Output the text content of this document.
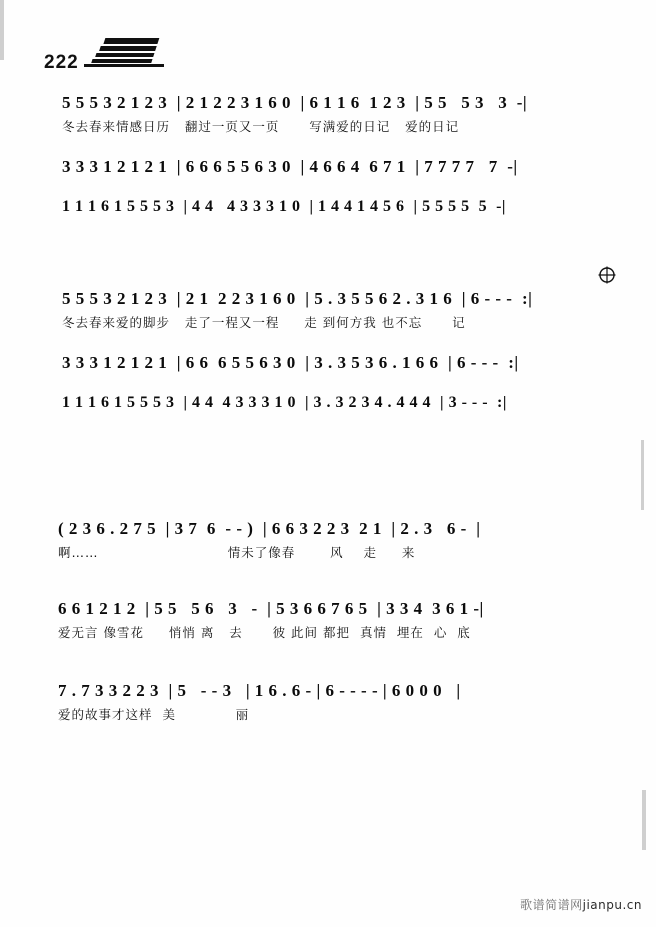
222
5 5 5 3 2 1 2 3  | 2 1 2 2 3 1 6 0  | 6 1 1 6  1 2 3  | 5 5   5 3   3  -|
冬去春来情感日历   翻过一页又一页      写满爱的日记   爱的日记
3 3 3 1 2 1 2 1  | 6 6 6 5 5 6 3 0  | 4 6 6 4  6 7 1  | 7 7 7 7   7  -|
1 1 1 6 1 5 5 5 3  | 4 4   4 3 3 3 1 0  | 1 4 4 1 4 5 6  | 5 5 5 5  5  -|
5 5 5 3 2 1 2 3  | 2 1  2 2 3 1 6 0  | 5 . 3 5 5 6 2 . 3 1 6  | 6 - - -  :|
冬去春来爱的脚步   走了一程又一程     走 到何方我 也不忘      记
3 3 3 1 2 1 2 1  | 6 6  6 5 5 6 3 0  | 3 . 3 5 3 6 . 1 6 6  | 6 - - -  :|
1 1 1 6 1 5 5 5 3  | 4 4  4 3 3 3 1 0  | 3 . 3 2 3 4 . 4 4 4  | 3 - - -  :|
( 2 3 6 . 2 7 5  | 3 7  6  - - )  | 6 6 3 2 2 3  2 1  | 2 . 3   6 -  |
啊……                          情未了像春       风    走     来
6 6 1 2 1 2  | 5 5   5 6   3   -  | 5 3 6 6 7 6 5  | 3 3 4  3 6 1 -|
爱无言 像雪花     悄悄 离   去      彼 此间 都把  真情  埋在  心  底
7 . 7 3 3 2 2 3  | 5   - - 3   | 1 6 . 6 - | 6 - - - - | 6 0 0 0   |
爱的故事才这样  美            丽
歌谱简谱网jianpu.cn
